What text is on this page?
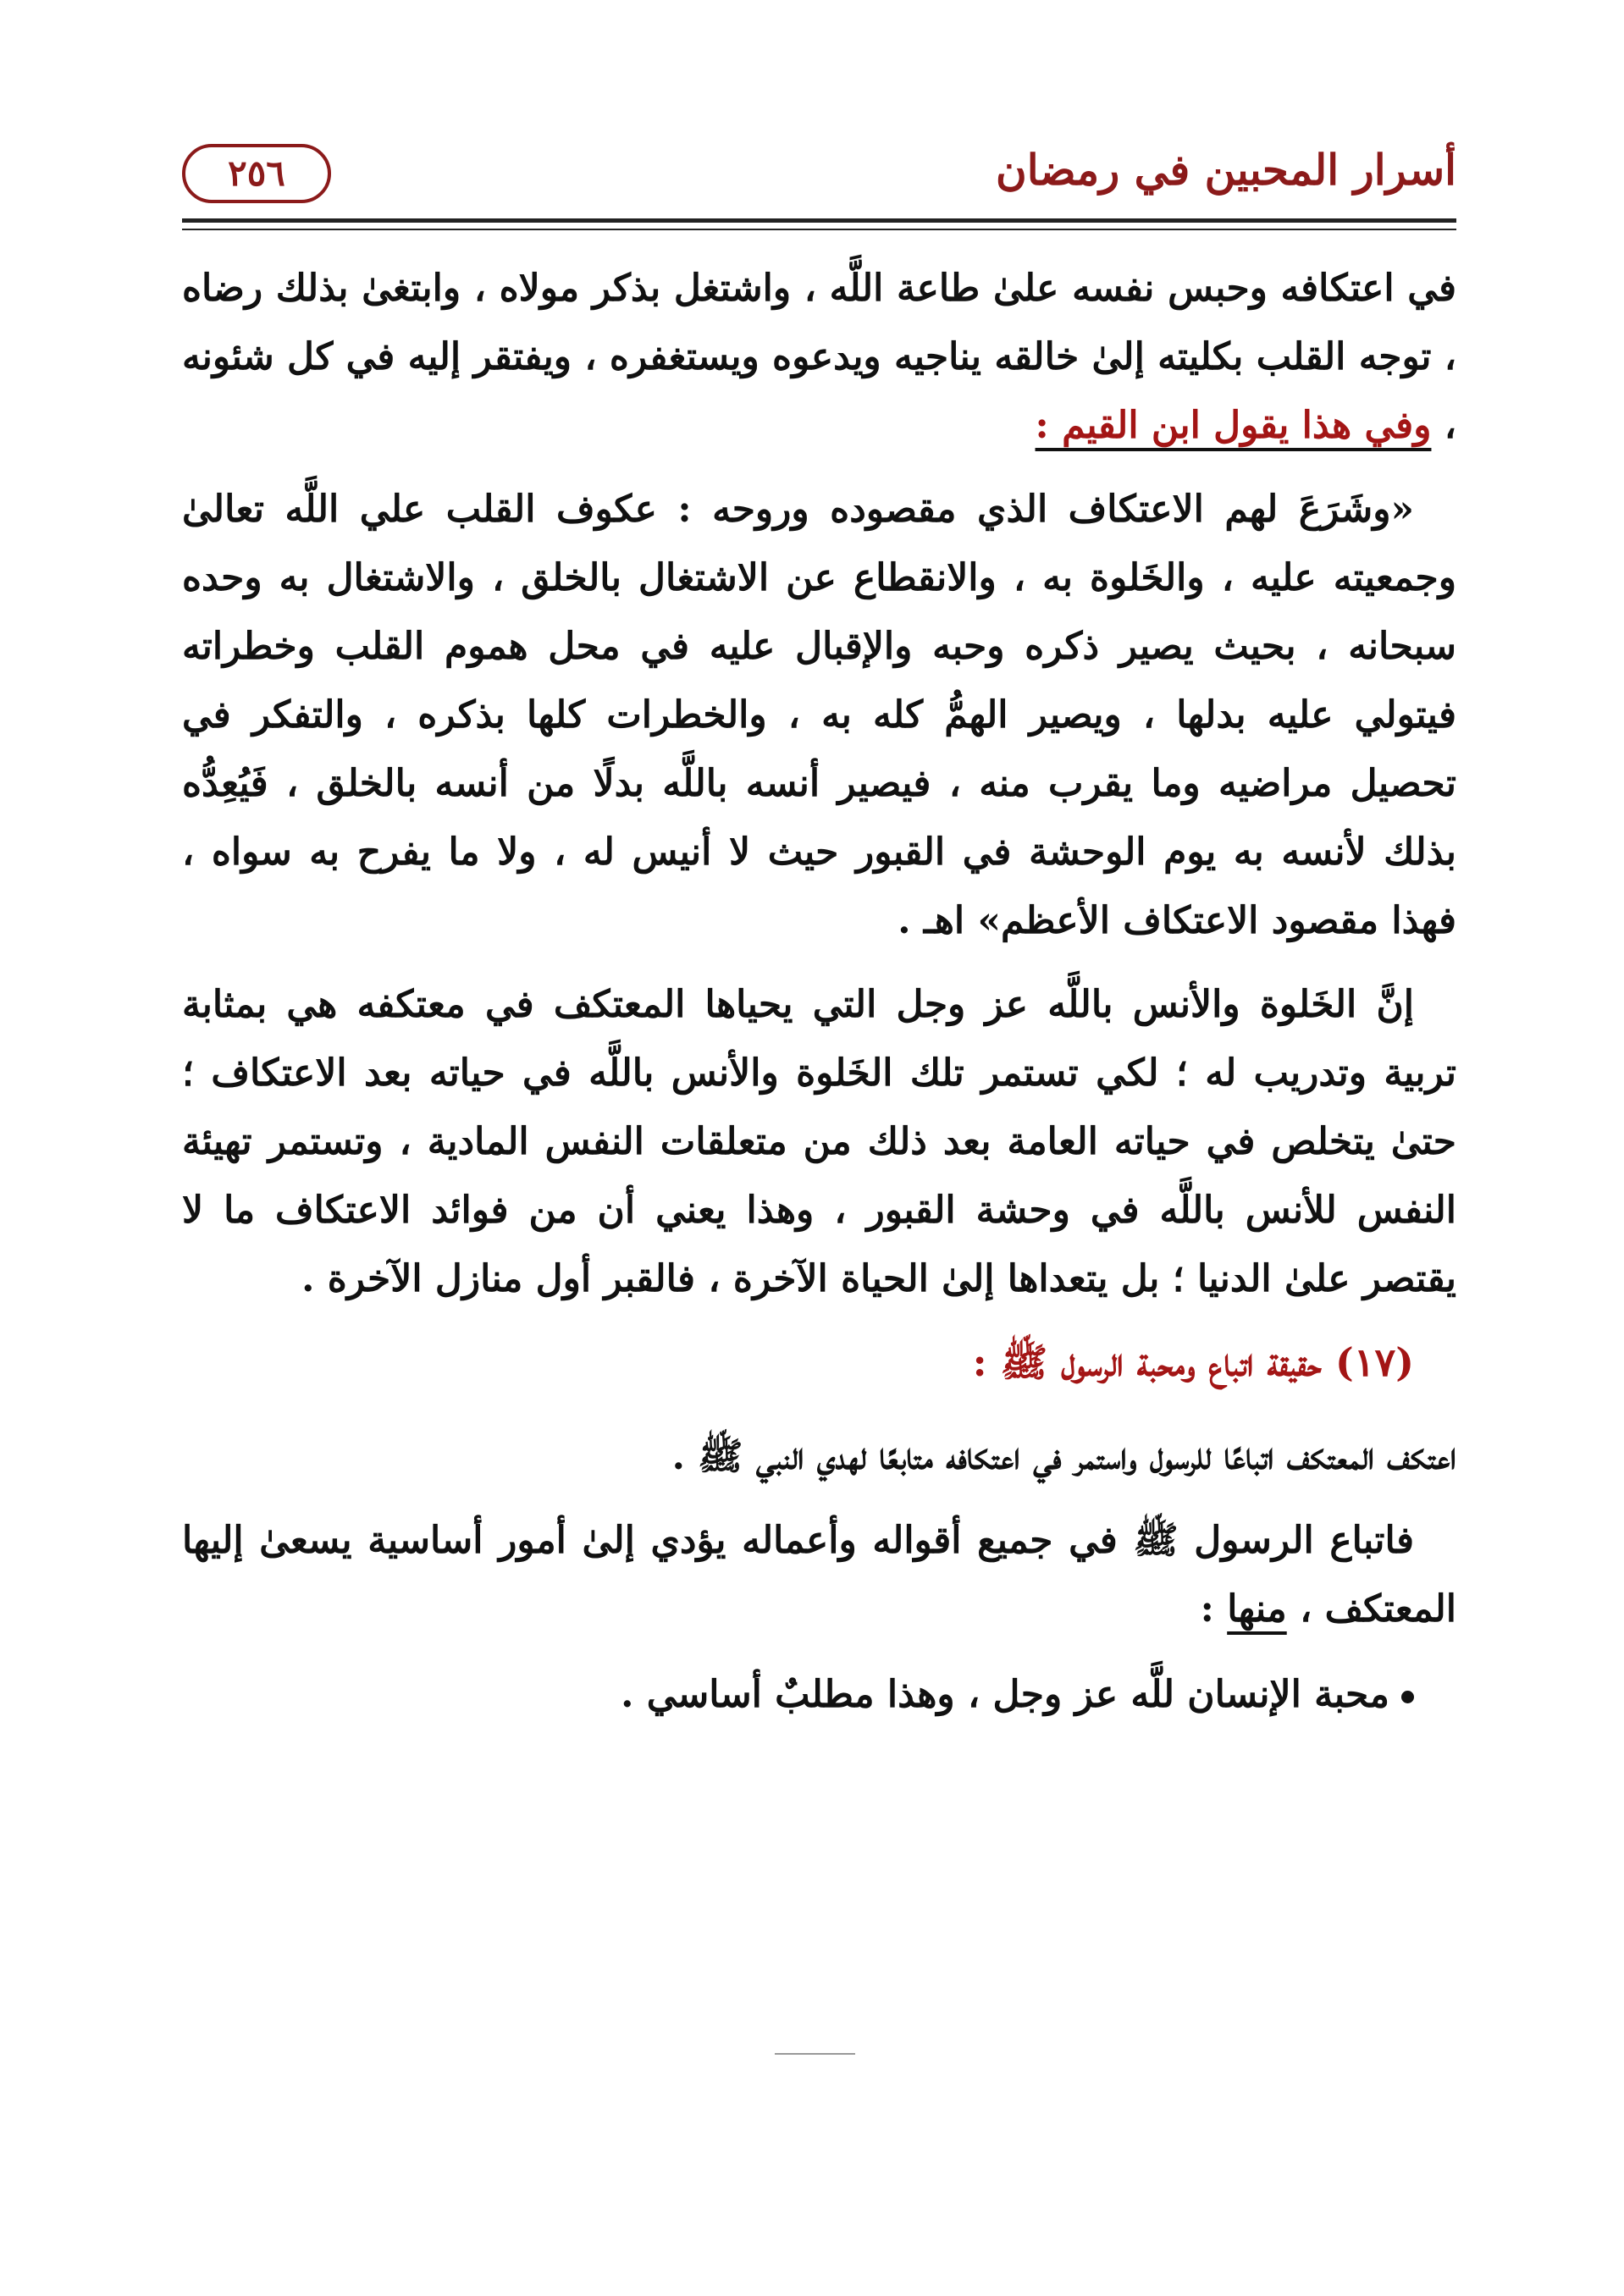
٢٥٦	أسرار المحبين في رمضان

في اعتكافه وحبس نفسه علىٰ طاعة اللَّه ، واشتغل بذكر مولاه ، وابتغىٰ بذلك رضاه ، توجه القلب بكليته إلىٰ خالقه يناجيه ويدعوه ويستغفره ، ويفتقر إليه في كل شئونه ، وفي هذا يقول ابن القيم :

«وشَرَعَ لهم الاعتكاف الذي مقصوده وروحه : عكوف القلب علي اللَّه تعالىٰ وجمعيته عليه ، والخَلوة به ، والانقطاع عن الاشتغال بالخلق ، والاشتغال به وحده سبحانه ، بحيث يصير ذكره وحبه والإقبال عليه في محل هموم القلب وخطراته فيتولي عليه بدلها ، ويصير الهمُّ كله به ، والخطرات كلها بذكره ، والتفكر في تحصيل مراضيه وما يقرب منه ، فيصير أنسه باللَّه بدلًا من أنسه بالخلق ، فَيُعِدُّه بذلك لأنسه به يوم الوحشة في القبور حيث لا أنيس له ، ولا ما يفرح به سواه ، فهذا مقصود الاعتكاف الأعظم» اهـ .

إنَّ الخَلوة والأنس باللَّه عز وجل التي يحياها المعتكف في معتكفه هي بمثابة تربية وتدريب له ؛ لكي تستمر تلك الخَلوة والأنس باللَّه في حياته بعد الاعتكاف ؛ حتىٰ يتخلص في حياته العامة بعد ذلك من متعلقات النفس المادية ، وتستمر تهيئة النفس للأنس باللَّه في وحشة القبور ، وهذا يعني أن من فوائد الاعتكاف ما لا يقتصر علىٰ الدنيا ؛ بل يتعداها إلىٰ الحياة الآخرة ، فالقبر أول منازل الآخرة .

(١٧) حقيقة اتباع ومحبة الرسول ﷺ :

اعتكف المعتكف اتباعًا للرسول واستمر في اعتكافه متابعًا لهدي النبي ﷺ .

فاتباع الرسول ﷺ في جميع أقواله وأعماله يؤدي إلىٰ أمور أساسية يسعىٰ إليها المعتكف ، منها :

محبة الإنسان للَّه عز وجل ، وهذا مطلبٌ أساسي .
